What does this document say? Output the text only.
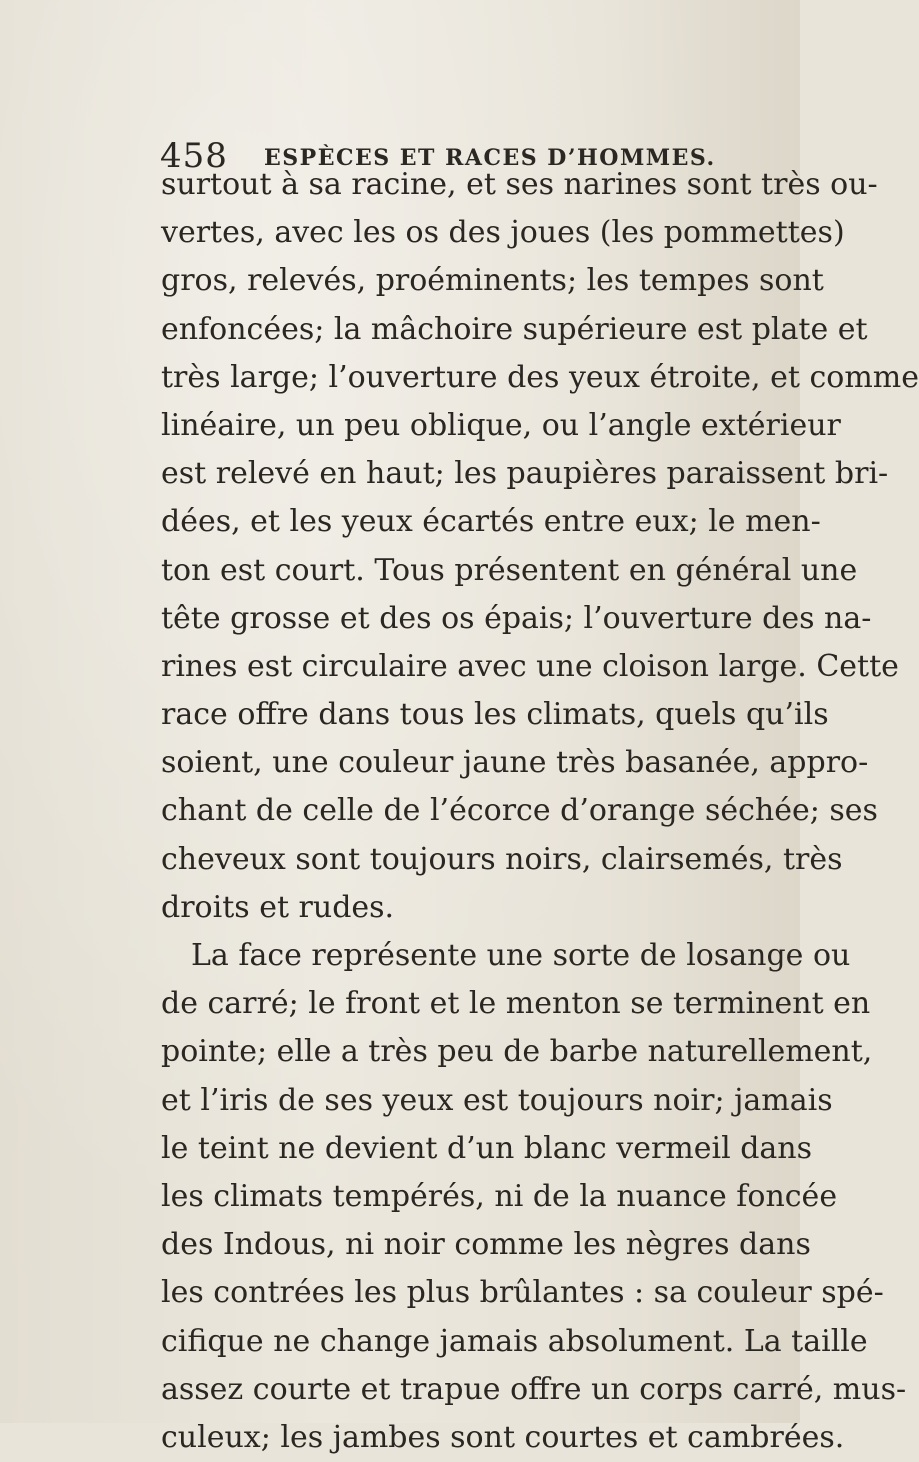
458 ESPÈCES ET RACES D’HOMMES.
surtout à sa racine, et ses narines sont très ou-
vertes, avec les os des joues (les pommettes)
gros, relevés, proéminents; les tempes sont
enfoncées; la mâchoire supérieure est plate et
très large; l’ouverture des yeux étroite, et comme
linéaire, un peu oblique, ou l’angle extérieur
est relevé en haut; les paupières paraissent bri-
dées, et les yeux écartés entre eux; le men-
ton est court. Tous présentent en général une
tête grosse et des os épais; l’ouverture des na-
rines est circulaire avec une cloison large. Cette
race offre dans tous les climats, quels qu’ils
soient, une couleur jaune très basanée, appro-
chant de celle de l’écorce d’orange séchée; ses
cheveux sont toujours noirs, clairsemés, très
droits et rudes.
La face représente une sorte de losange ou
de carré; le front et le menton se terminent en
pointe; elle a très peu de barbe naturellement,
et l’iris de ses yeux est toujours noir; jamais
le teint ne devient d’un blanc vermeil dans
les climats tempérés, ni de la nuance foncée
des Indous, ni noir comme les nègres dans
les contrées les plus brûlantes : sa couleur spé-
cifique ne change jamais absolument. La taille
assez courte et trapue offre un corps carré, mus-
culeux; les jambes sont courtes et cambrées.
